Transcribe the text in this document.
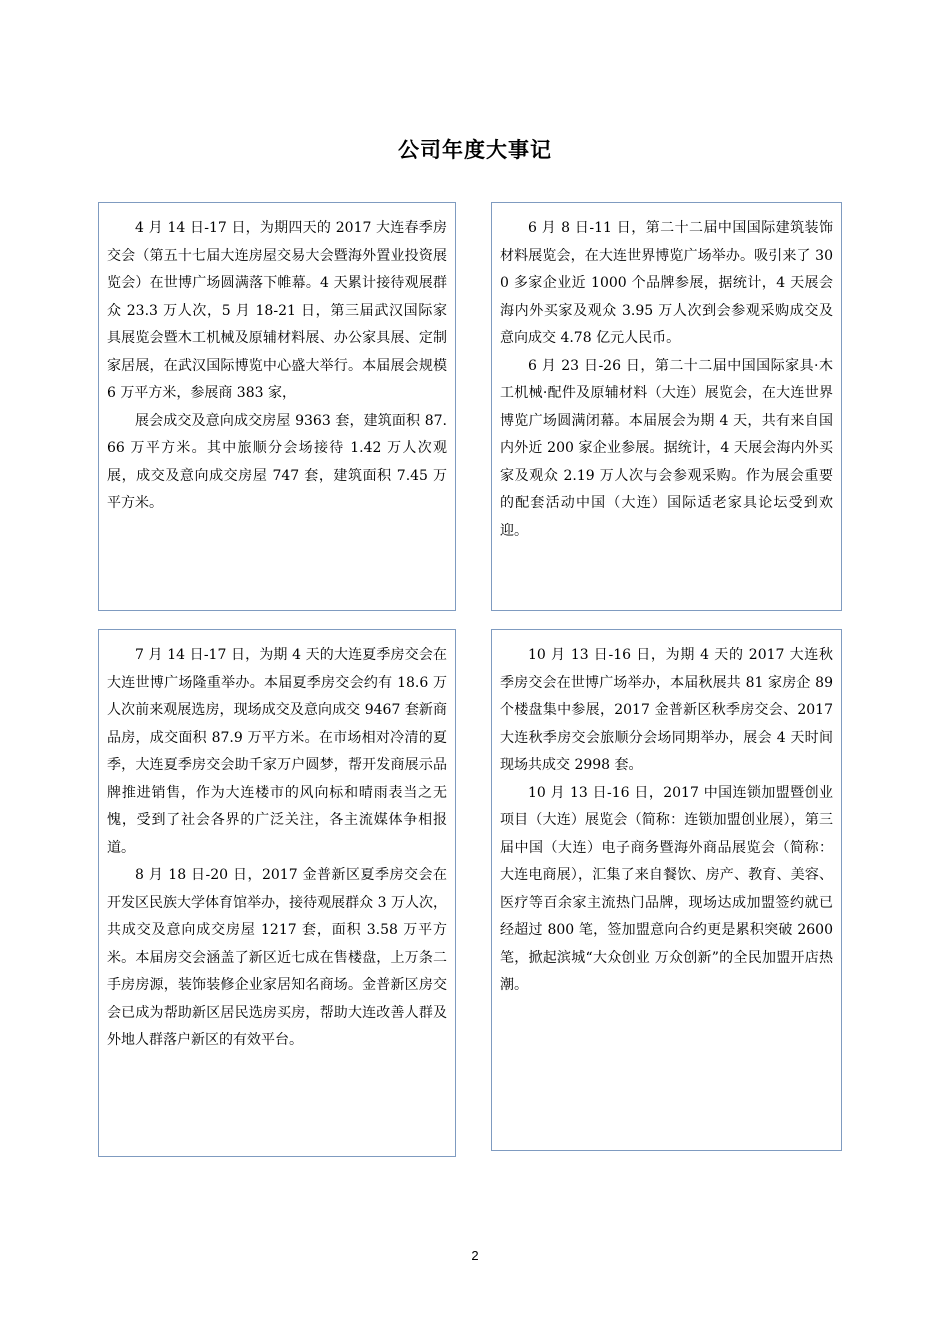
公司年度大事记

4 月 14 日-17 日，为期四天的 2017 大连春季房交会（第五十七届大连房屋交易大会暨海外置业投资展览会）在世博广场圆满落下帷幕。4 天累计接待观展群众 23.3 万人次，5 月 18-21 日，第三届武汉国际家具展览会暨木工机械及原辅材料展、办公家具展、定制家居展，在武汉国际博览中心盛大举行。本届展会规模 6 万平方米，参展商 383 家，

展会成交及意向成交房屋 9363 套，建筑面积 87.66 万平方米。其中旅顺分会场接待 1.42 万人次观展，成交及意向成交房屋 747 套，建筑面积 7.45 万平方米。

6 月 8 日-11 日，第二十二届中国国际建筑装饰材料展览会，在大连世界博览广场举办。吸引来了 300 多家企业近 1000 个品牌参展，据统计，4 天展会海内外买家及观众 3.95 万人次到会参观采购成交及意向成交 4.78 亿元人民币。

6 月 23 日-26 日，第二十二届中国国际家具·木工机械·配件及原辅材料（大连）展览会，在大连世界博览广场圆满闭幕。本届展会为期 4 天，共有来自国内外近 200 家企业参展。据统计，4 天展会海内外买家及观众 2.19 万人次与会参观采购。作为展会重要的配套活动中国（大连）国际适老家具论坛受到欢迎。

7 月 14 日-17 日，为期 4 天的大连夏季房交会在大连世博广场隆重举办。本届夏季房交会约有 18.6 万人次前来观展选房，现场成交及意向成交 9467 套新商品房，成交面积 87.9 万平方米。在市场相对冷清的夏季，大连夏季房交会助千家万户圆梦，帮开发商展示品牌推进销售，作为大连楼市的风向标和晴雨表当之无愧，受到了社会各界的广泛关注，各主流媒体争相报道。

8 月 18 日-20 日，2017 金普新区夏季房交会在开发区民族大学体育馆举办，接待观展群众 3 万人次，共成交及意向成交房屋 1217 套，面积 3.58 万平方米。本届房交会涵盖了新区近七成在售楼盘，上万条二手房房源，装饰装修企业家居知名商场。金普新区房交会已成为帮助新区居民选房买房，帮助大连改善人群及外地人群落户新区的有效平台。

10 月 13 日-16 日，为期 4 天的 2017 大连秋季房交会在世博广场举办，本届秋展共 81 家房企 89 个楼盘集中参展，2017 金普新区秋季房交会、2017 大连秋季房交会旅顺分会场同期举办，展会 4 天时间现场共成交 2998 套。

10 月 13 日-16 日，2017 中国连锁加盟暨创业项目（大连）展览会（简称：连锁加盟创业展），第三届中国（大连）电子商务暨海外商品展览会（简称：大连电商展），汇集了来自餐饮、房产、教育、美容、医疗等百余家主流热门品牌，现场达成加盟签约就已经超过 800 笔，签加盟意向合约更是累积突破 2600 笔，掀起滨城“大众创业 万众创新”的全民加盟开店热潮。

2
